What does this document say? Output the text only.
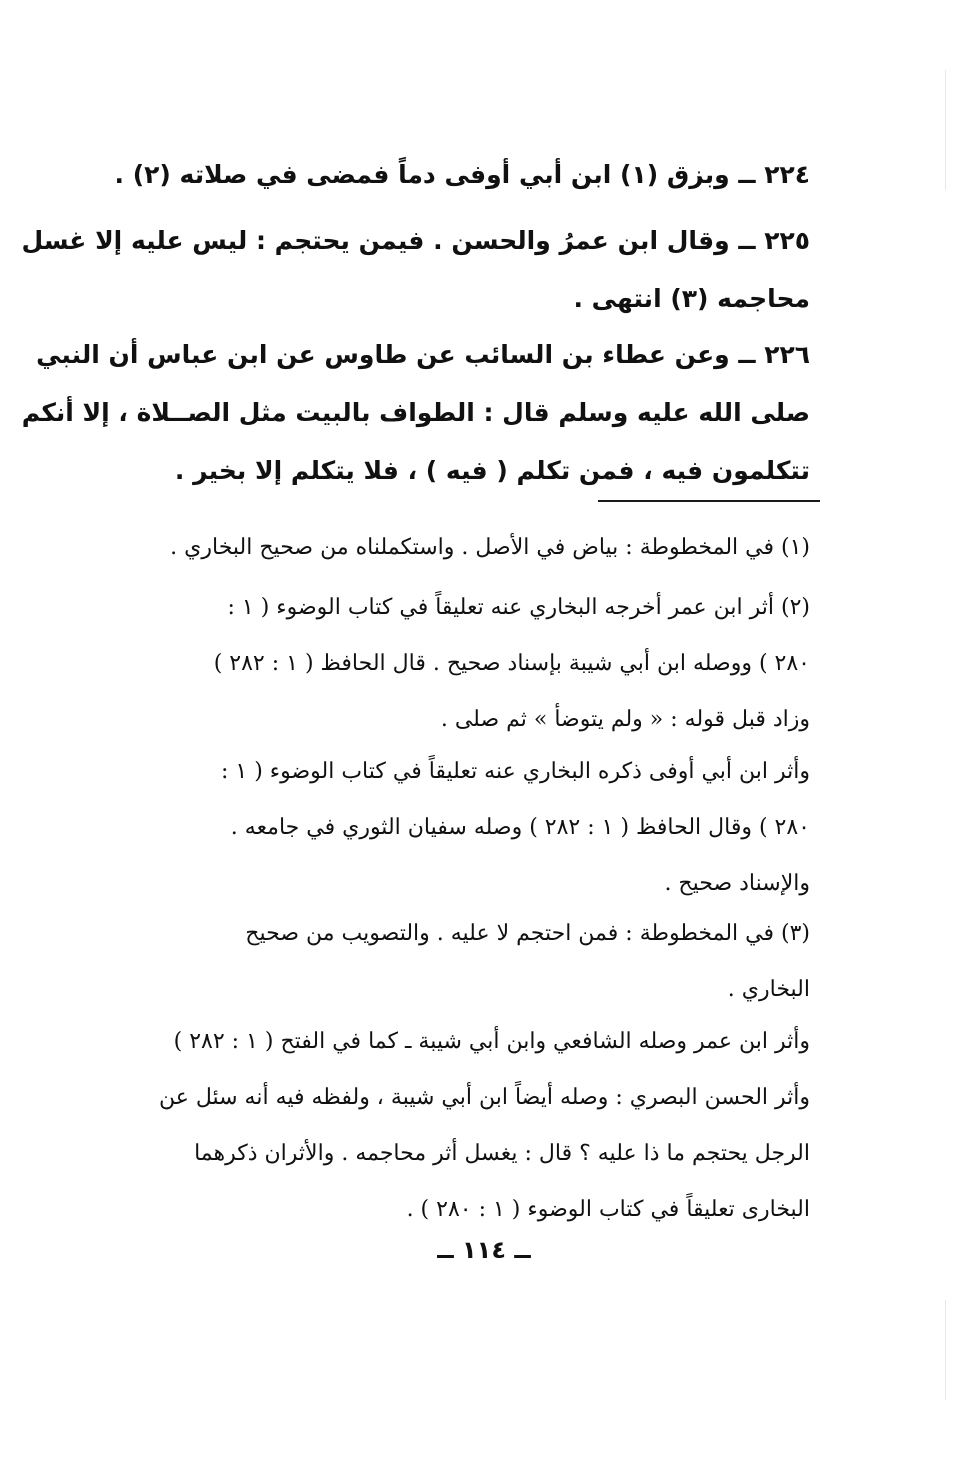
٢٢٤ ــ وبزق (١) ابن أبي أوفى دماً فمضى في صلاته (٢) .
٢٢٥ ــ وقال ابن عمرُ والحسن . فيمن يحتجم : ليس عليه إلا غسل
محاجمه (٣) انتهى .
٢٢٦ ــ وعن عطاء بن السائب عن طاوس عن ابن عباس أن النبي
صلى الله عليه وسلم قال : الطواف بالبيت مثل الصــلاة ، إلا أنكم
تتكلمون فيه ، فمن تكلم ( فيه ) ، فلا يتكلم إلا بخير .
(١) في المخطوطة : بياض في الأصل . واستكملناه من صحيح البخاري .
(٢) أثر ابن عمر أخرجه البخاري عنه تعليقاً في كتاب الوضوء ( ١ :
٢٨٠ ) ووصله ابن أبي شيبة بإسناد صحيح . قال الحافظ ( ١ : ٢٨٢ )
وزاد قبل قوله : « ولم يتوضأ » ثم صلى .
وأثر ابن أبي أوفى ذكره البخاري عنه تعليقاً في كتاب الوضوء ( ١ :
٢٨٠ ) وقال الحافظ ( ١ : ٢٨٢ ) وصله سفيان الثوري في جامعه .
والإسناد صحيح .
(٣) في المخطوطة : فمن احتجم لا عليه . والتصويب من صحيح
البخاري .
وأثر ابن عمر وصله الشافعي وابن أبي شيبة ـ كما في الفتح ( ١ : ٢٨٢ )
وأثر الحسن البصري : وصله أيضاً ابن أبي شيبة ، ولفظه فيه أنه سئل عن
الرجل يحتجم ما ذا عليه ؟ قال : يغسل أثر محاجمه . والأثران ذكرهما
البخارى تعليقاً في كتاب الوضوء ( ١ : ٢٨٠ ) .
ــ ١١٤ ــ
